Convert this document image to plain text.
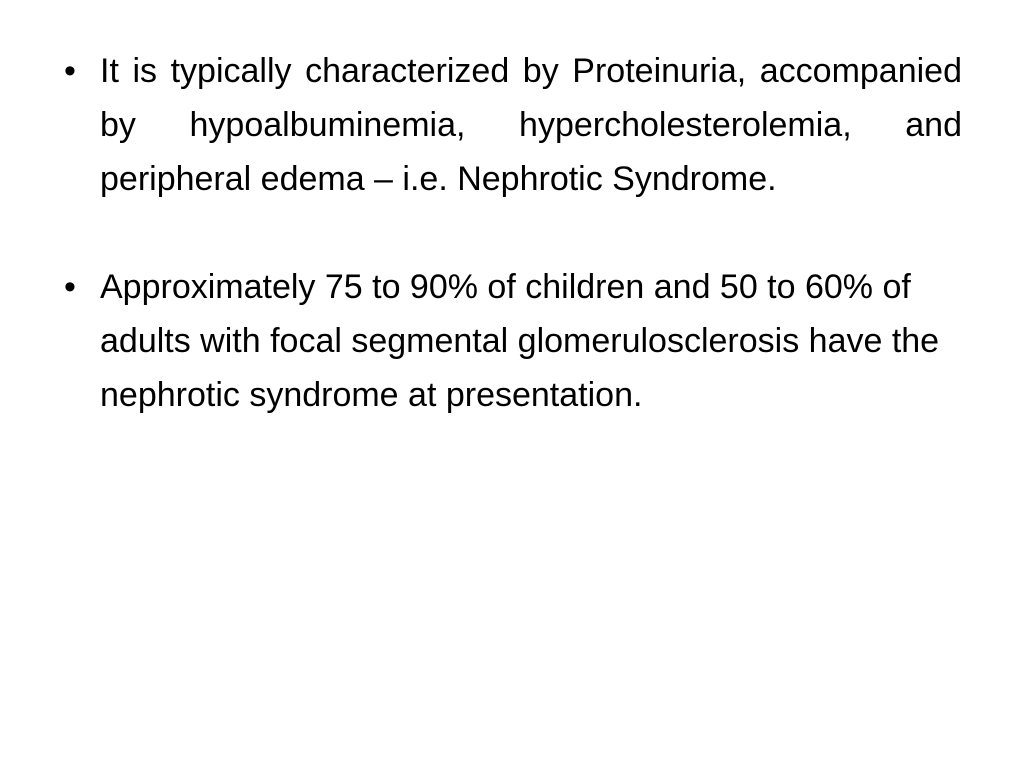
• It is typically characterized by Proteinuria, accompanied by hypoalbuminemia, hypercholesterolemia, and peripheral edema – i.e. Nephrotic Syndrome.
• Approximately 75 to 90% of children and 50 to 60% of adults with focal segmental glomerulosclerosis have the nephrotic syndrome at presentation.
